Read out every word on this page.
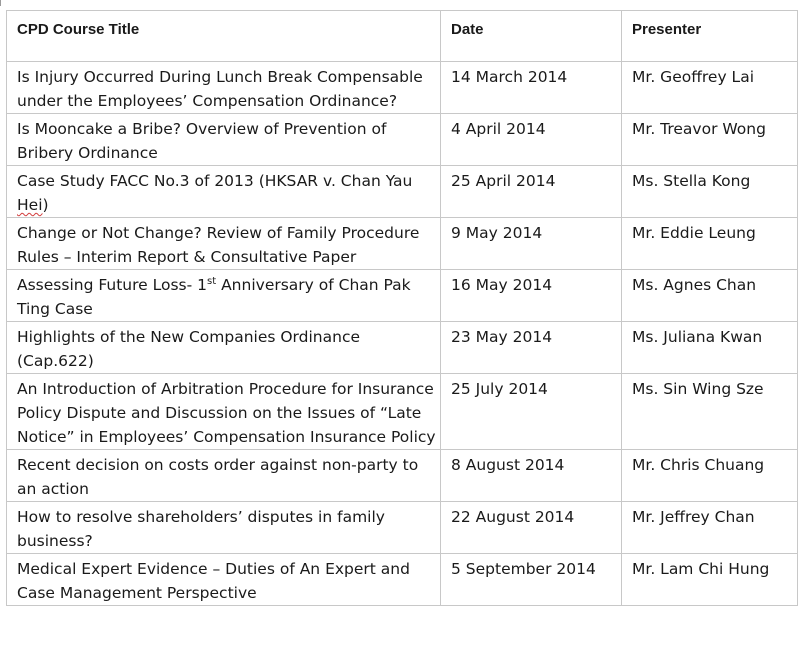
CPD Course Title	Date	Presenter
Is Injury Occurred During Lunch Break Compensable under the Employees’ Compensation Ordinance?	14 March 2014	Mr. Geoffrey Lai
Is Mooncake a Bribe? Overview of Prevention of Bribery Ordinance	4 April 2014	Mr. Treavor Wong
Case Study FACC No.3 of 2013 (HKSAR v. Chan Yau Hei)	25 April 2014	Ms. Stella Kong
Change or Not Change? Review of Family Procedure Rules – Interim Report & Consultative Paper	9 May 2014	Mr. Eddie Leung
Assessing Future Loss- 1st Anniversary of Chan Pak Ting Case	16 May 2014	Ms. Agnes Chan
Highlights of the New Companies Ordinance (Cap.622)	23 May 2014	Ms. Juliana Kwan
An Introduction of Arbitration Procedure for Insurance Policy Dispute and Discussion on the Issues of “Late Notice” in Employees’ Compensation Insurance Policy	25 July 2014	Ms. Sin Wing Sze
Recent decision on costs order against non-party to an action	8 August 2014	Mr. Chris Chuang
How to resolve shareholders’ disputes in family business?	22 August 2014	Mr. Jeffrey Chan
Medical Expert Evidence – Duties of An Expert and Case Management Perspective	5 September 2014	Mr. Lam Chi Hung
